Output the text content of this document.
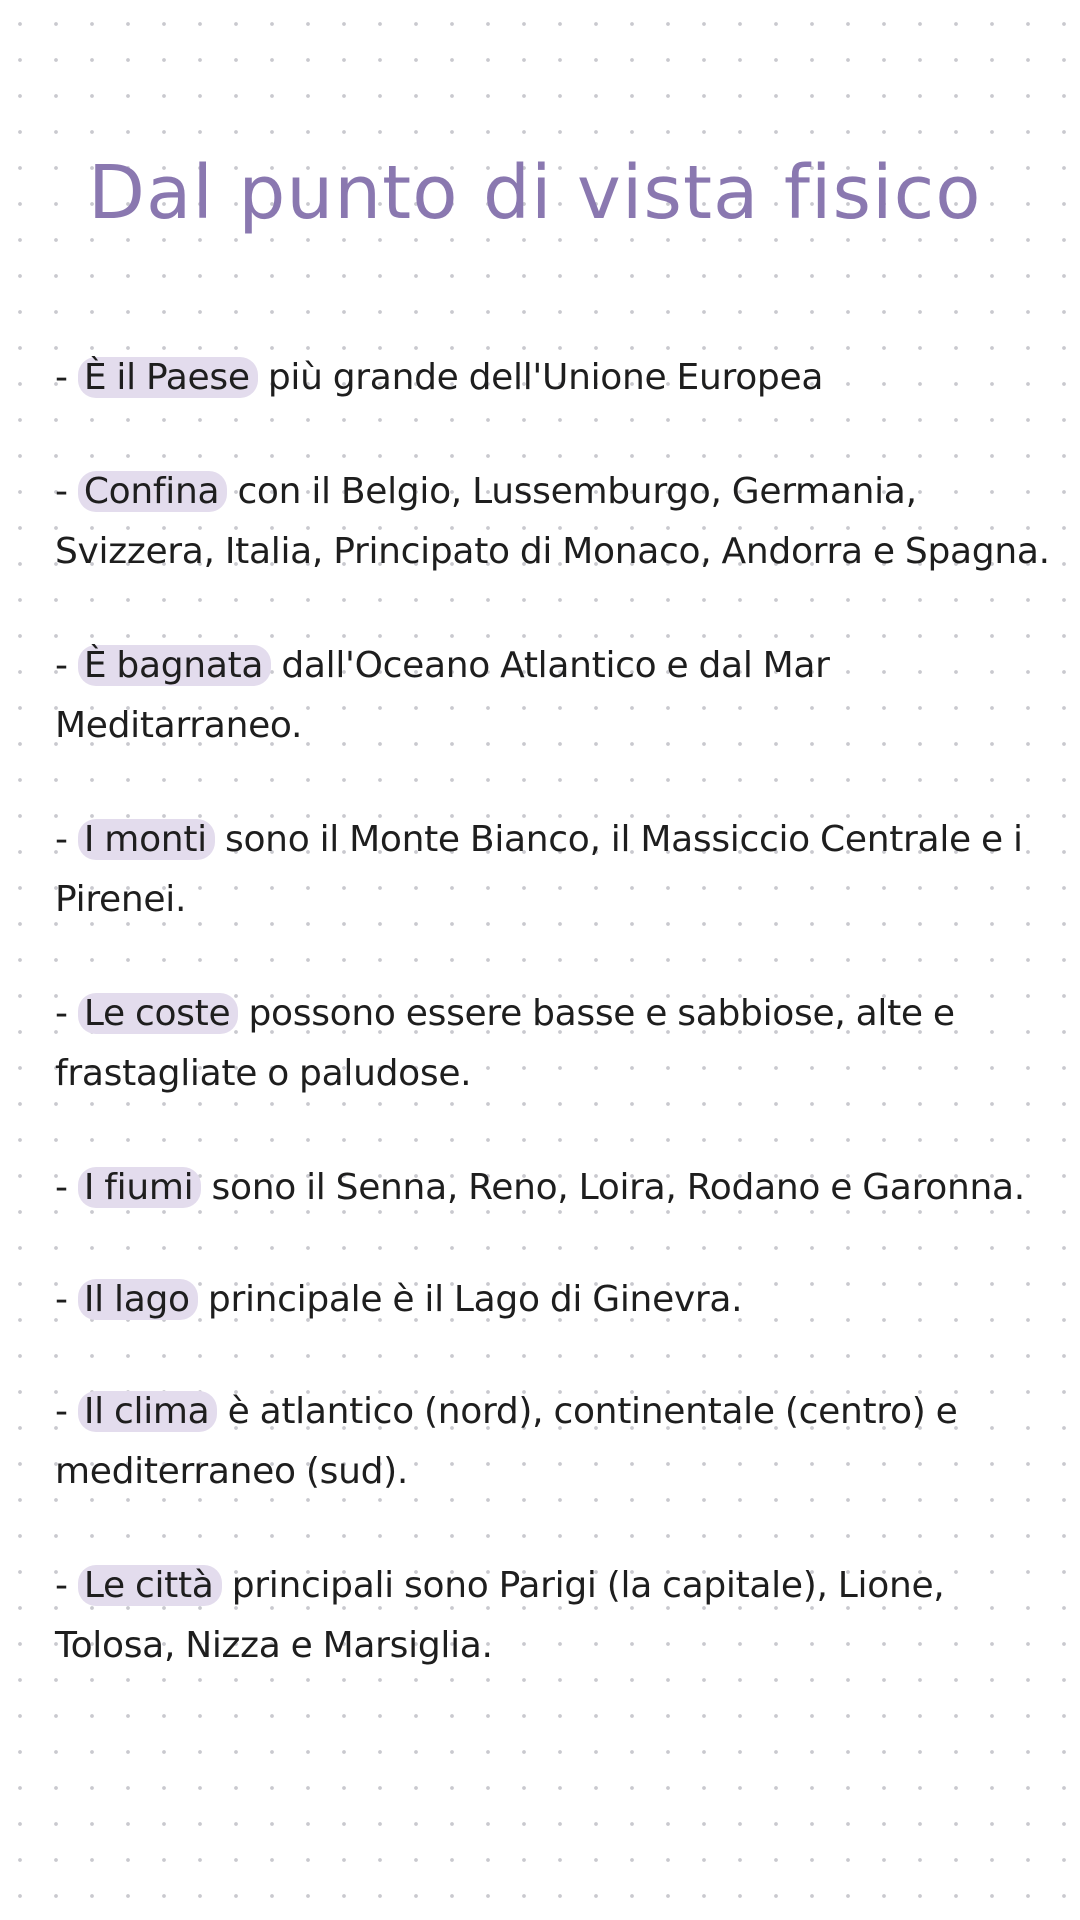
Dal punto di vista fisico

- È il Paese più grande dell'Unione Europea

- Confina con il Belgio, Lussemburgo, Germania, Svizzera, Italia, Principato di Monaco, Andorra e Spagna.

- È bagnata dall'Oceano Atlantico e dal Mar Meditarraneo.

- I monti sono il Monte Bianco, il Massiccio Centrale e i Pirenei.

- Le coste possono essere basse e sabbiose, alte e frastagliate o paludose.

- I fiumi sono il Senna, Reno, Loira, Rodano e Garonna.

- Il lago principale è il Lago di Ginevra.

- Il clima è atlantico (nord), continentale (centro) e mediterraneo (sud).

- Le città principali sono Parigi (la capitale), Lione, Tolosa, Nizza e Marsiglia.
